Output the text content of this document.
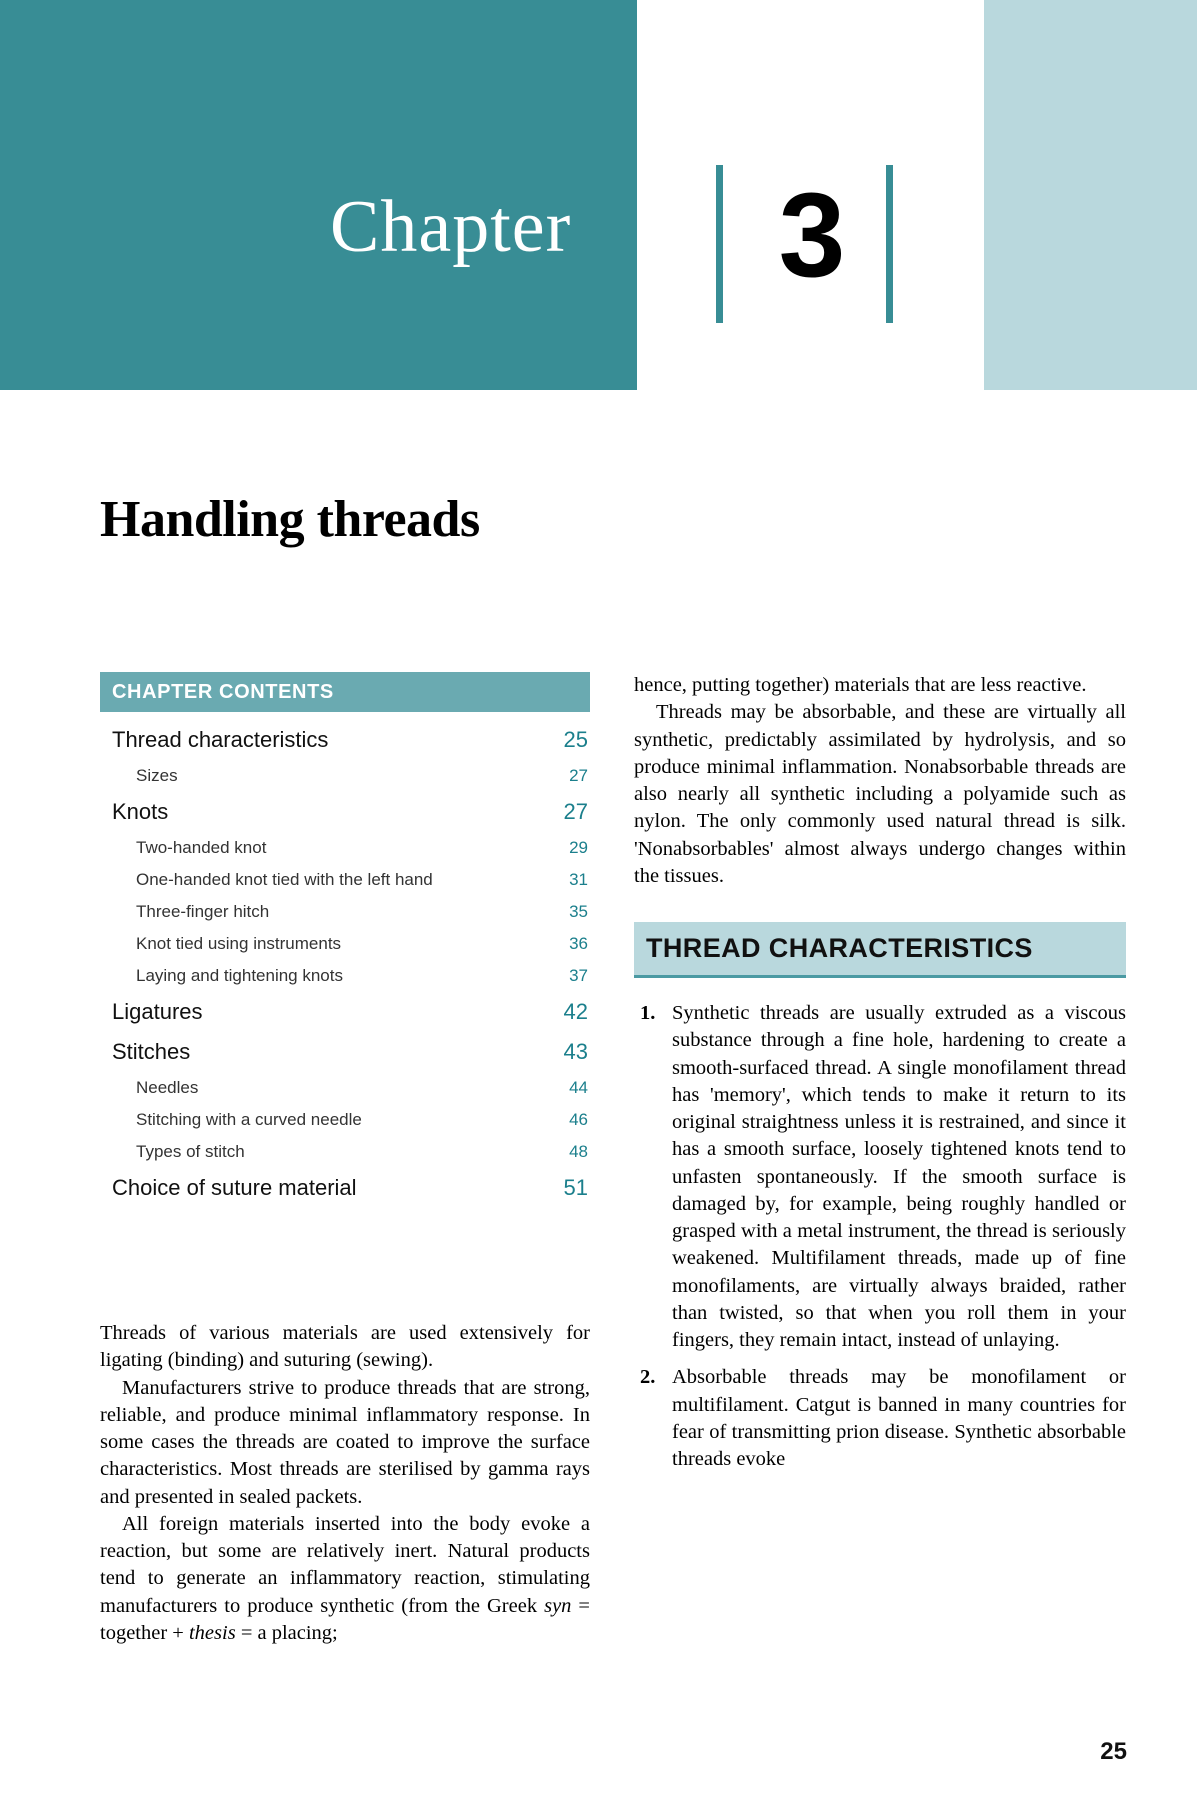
Chapter 3
Handling threads
CHAPTER CONTENTS
Thread characteristics	25
Sizes	27
Knots	27
Two-handed knot	29
One-handed knot tied with the left hand	31
Three-finger hitch	35
Knot tied using instruments	36
Laying and tightening knots	37
Ligatures	42
Stitches	43
Needles	44
Stitching with a curved needle	46
Types of stitch	48
Choice of suture material	51

Threads of various materials are used extensively for ligating (binding) and suturing (sewing).

Manufacturers strive to produce threads that are strong, reliable, and produce minimal inflammatory response. In some cases the threads are coated to improve the surface characteristics. Most threads are sterilised by gamma rays and presented in sealed packets.

All foreign materials inserted into the body evoke a reaction, but some are relatively inert. Natural products tend to generate an inflammatory reaction, stimulating manufacturers to produce synthetic (from the Greek syn = together + thesis = a placing;

hence, putting together) materials that are less reactive.

Threads may be absorbable, and these are virtually all synthetic, predictably assimilated by hydrolysis, and so produce minimal inflammation. Nonabsorbable threads are also nearly all synthetic including a polyamide such as nylon. The only commonly used natural thread is silk. 'Nonabsorbables' almost always undergo changes within the tissues.

THREAD CHARACTERISTICS
Synthetic threads are usually extruded as a viscous substance through a fine hole, hardening to create a smooth-surfaced thread. A single monofilament thread has 'memory', which tends to make it return to its original straightness unless it is restrained, and since it has a smooth surface, loosely tightened knots tend to unfasten spontaneously. If the smooth surface is damaged by, for example, being roughly handled or grasped with a metal instrument, the thread is seriously weakened. Multifilament threads, made up of fine monofilaments, are virtually always braided, rather than twisted, so that when you roll them in your fingers, they remain intact, instead of unlaying.
Absorbable threads may be monofilament or multifilament. Catgut is banned in many countries for fear of transmitting prion disease. Synthetic absorbable threads evoke
25
